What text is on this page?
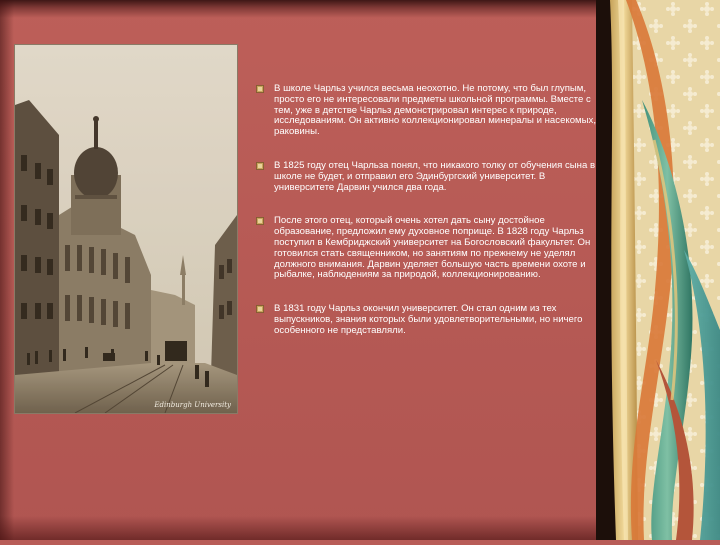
Edinburgh University
В школе Чарльз учился весьма неохотно. Не потому, что был глупым, просто его не интересовали предметы школьной программы. Вместе с тем, уже в детстве Чарльз демонстрировал интерес к природе, исследованиям. Он активно коллекционировал минералы и насекомых, раковины.
В 1825 году отец Чарльза понял, что никакого толку от обучения сына в школе не будет, и отправил его Эдинбургский университет. В университете Дарвин учился два года.
После этого отец, который очень хотел дать сыну достойное образование, предложил ему духовное поприще. В 1828 году Чарльз поступил в Кембриджский университет на Богословский факультет. Он готовился стать священником, но занятиям по прежнему не уделял должного внимания. Дарвин уделяет большую часть времени охоте и рыбалке, наблюдениям за природой, коллекционированию.
В 1831 году Чарльз окончил университет. Он стал одним из тех выпускников, знания которых были удовлетворительными, но ничего особенного не представляли.
